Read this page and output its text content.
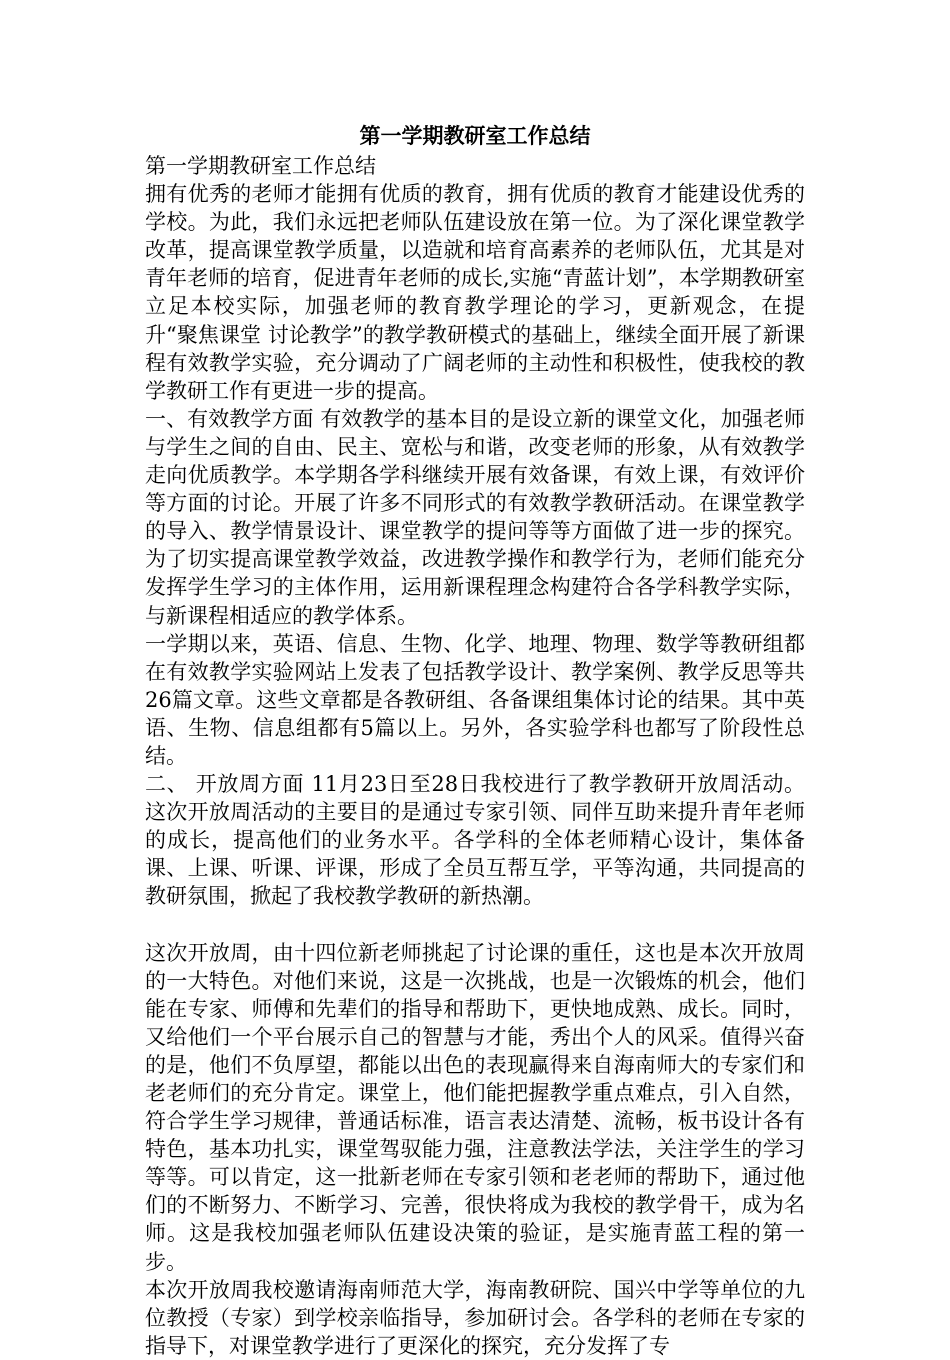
第一学期教研室工作总结

第一学期教研室工作总结

拥有优秀的老师才能拥有优质的教育，拥有优质的教育才能建设优秀的学校。为此，我们永远把老师队伍建设放在第一位。为了深化课堂教学改革，提高课堂教学质量，以造就和培育高素养的老师队伍，尤其是对青年老师的培育，促进青年老师的成长,实施“青蓝计划”，本学期教研室立足本校实际，加强老师的教育教学理论的学习，更新观念，在提升“聚焦课堂 讨论教学”的教学教研模式的基础上，继续全面开展了新课程有效教学实验，充分调动了广阔老师的主动性和积极性，使我校的教学教研工作有更进一步的提高。

一、有效教学方面 有效教学的基本目的是设立新的课堂文化，加强老师与学生之间的自由、民主、宽松与和谐，改变老师的形象，从有效教学走向优质教学。本学期各学科继续开展有效备课，有效上课，有效评价等方面的讨论。开展了许多不同形式的有效教学教研活动。在课堂教学的导入、教学情景设计、课堂教学的提问等等方面做了进一步的探究。为了切实提高课堂教学效益，改进教学操作和教学行为，老师们能充分发挥学生学习的主体作用，运用新课程理念构建符合各学科教学实际，与新课程相适应的教学体系。

一学期以来，英语、信息、生物、化学、地理、物理、数学等教研组都在有效教学实验网站上发表了包括教学设计、教学案例、教学反思等共26篇文章。这些文章都是各教研组、各备课组集体讨论的结果。其中英语、生物、信息组都有5篇以上。另外，各实验学科也都写了阶段性总结。

二、 开放周方面 11月23日至28日我校进行了教学教研开放周活动。这次开放周活动的主要目的是通过专家引领、同伴互助来提升青年老师的成长，提高他们的业务水平。各学科的全体老师精心设计，集体备课、上课、听课、评课，形成了全员互帮互学，平等沟通，共同提高的教研氛围，掀起了我校教学教研的新热潮。

这次开放周，由十四位新老师挑起了讨论课的重任，这也是本次开放周的一大特色。对他们来说，这是一次挑战，也是一次锻炼的机会，他们能在专家、师傅和先辈们的指导和帮助下，更快地成熟、成长。同时，又给他们一个平台展示自己的智慧与才能，秀出个人的风采。值得兴奋的是，他们不负厚望，都能以出色的表现赢得来自海南师大的专家们和老老师们的充分肯定。课堂上，他们能把握教学重点难点，引入自然，符合学生学习规律，普通话标准，语言表达清楚、流畅，板书设计各有特色，基本功扎实，课堂驾驭能力强，注意教法学法，关注学生的学习等等。可以肯定，这一批新老师在专家引领和老老师的帮助下，通过他们的不断努力、不断学习、完善，很快将成为我校的教学骨干，成为名师。这是我校加强老师队伍建设决策的验证，是实施青蓝工程的第一步。

本次开放周我校邀请海南师范大学，海南教研院、国兴中学等单位的九位教授（专家）到学校亲临指导，参加研讨会。各学科的老师在专家的指导下，对课堂教学进行了更深化的探究，充分发挥了专
